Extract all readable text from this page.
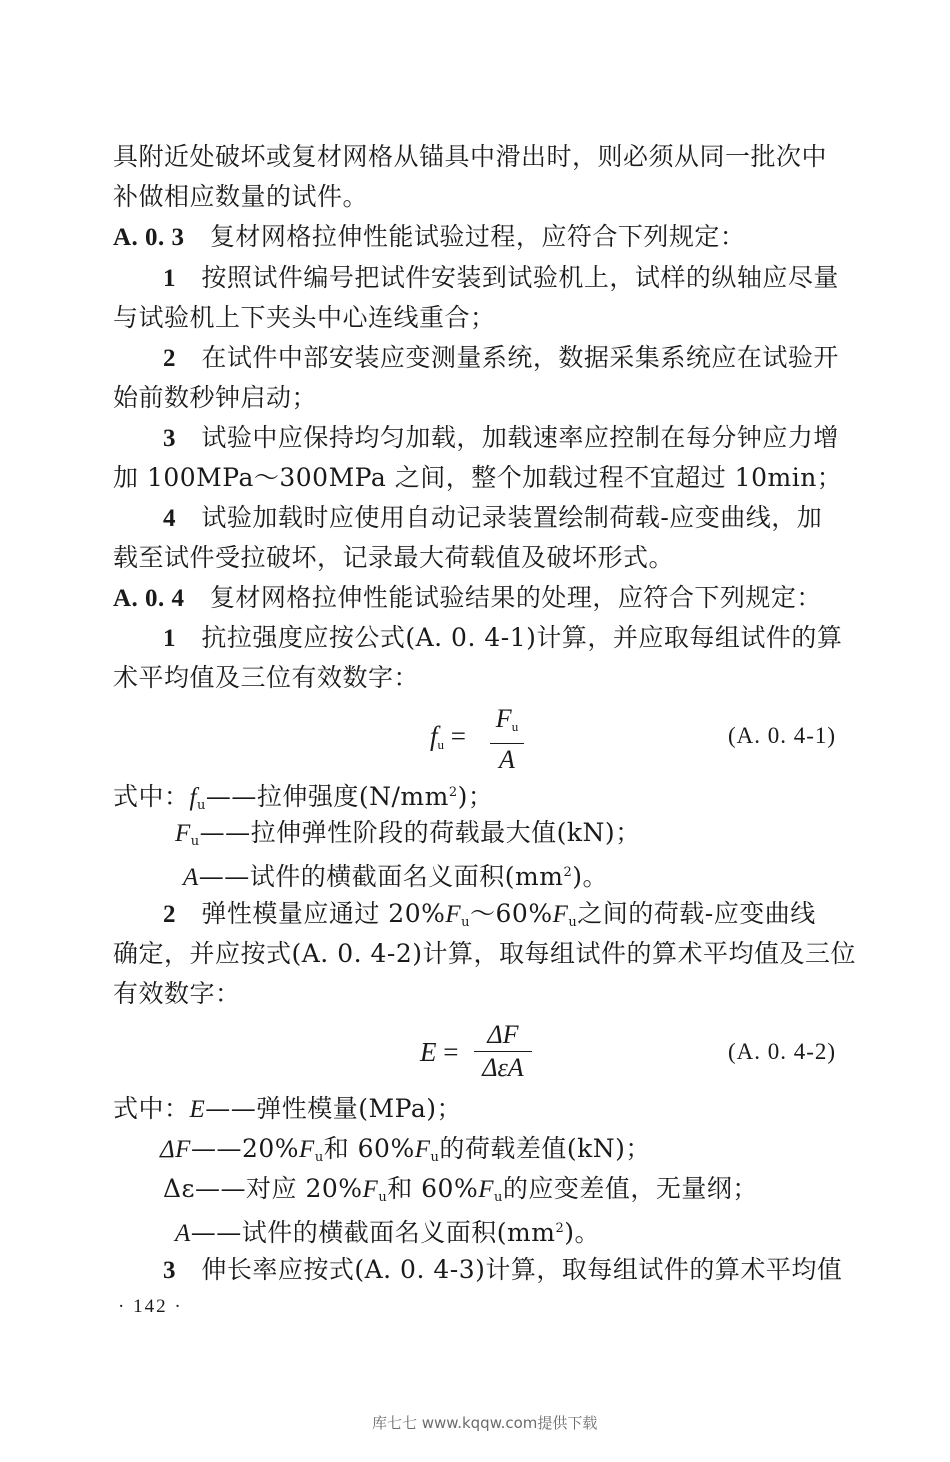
具附近处破坏或复材网格从锚具中滑出时，则必须从同一批次中
补做相应数量的试件。
A. 0. 3 复材网格拉伸性能试验过程，应符合下列规定：
1 按照试件编号把试件安装到试验机上，试样的纵轴应尽量
与试验机上下夹头中心连线重合；
2 在试件中部安装应变测量系统，数据采集系统应在试验开
始前数秒钟启动；
3 试验中应保持均匀加载，加载速率应控制在每分钟应力增
加 100MPa～300MPa 之间，整个加载过程不宜超过 10min；
4 试验加载时应使用自动记录装置绘制荷载-应变曲线，加
载至试件受拉破坏，记录最大荷载值及破坏形式。
A. 0. 4 复材网格拉伸性能试验结果的处理，应符合下列规定：
1 抗拉强度应按公式(A. 0. 4-1)计算，并应取每组试件的算
术平均值及三位有效数字：
$f_u$ =
$F_u$
A
(A. 0. 4-1)
式中：$f_u——$拉伸强度$(N/mm^2)$；
$F_u——$拉伸弹性阶段的荷载最大值(kN)；
A——试件的横截面名义面积$(mm^2)$。
2 弹性模量应通过 $20\%F_u\sim 60\%F_u$之间的荷载-应变曲线
确定，并应按式(A. 0. 4-2)计算，取每组试件的算术平均值及三位
有效数字：
E =
ΔF
ΔεA
(A. 0. 4-2)
式中：E——弹性模量(MPa)；
$\Delta F——20\%F_u$和 $60\%F_u$的荷载差值(kN)；
Δε——对应 $20\%F_u$和 $60\%F_u$的应变差值，无量纲；
A——试件的横截面名义面积$(mm^2)$。
3 伸长率应按式(A. 0. 4-3)计算，取每组试件的算术平均值
· 142 ·
库七七 www.kqqw.com提供下载
